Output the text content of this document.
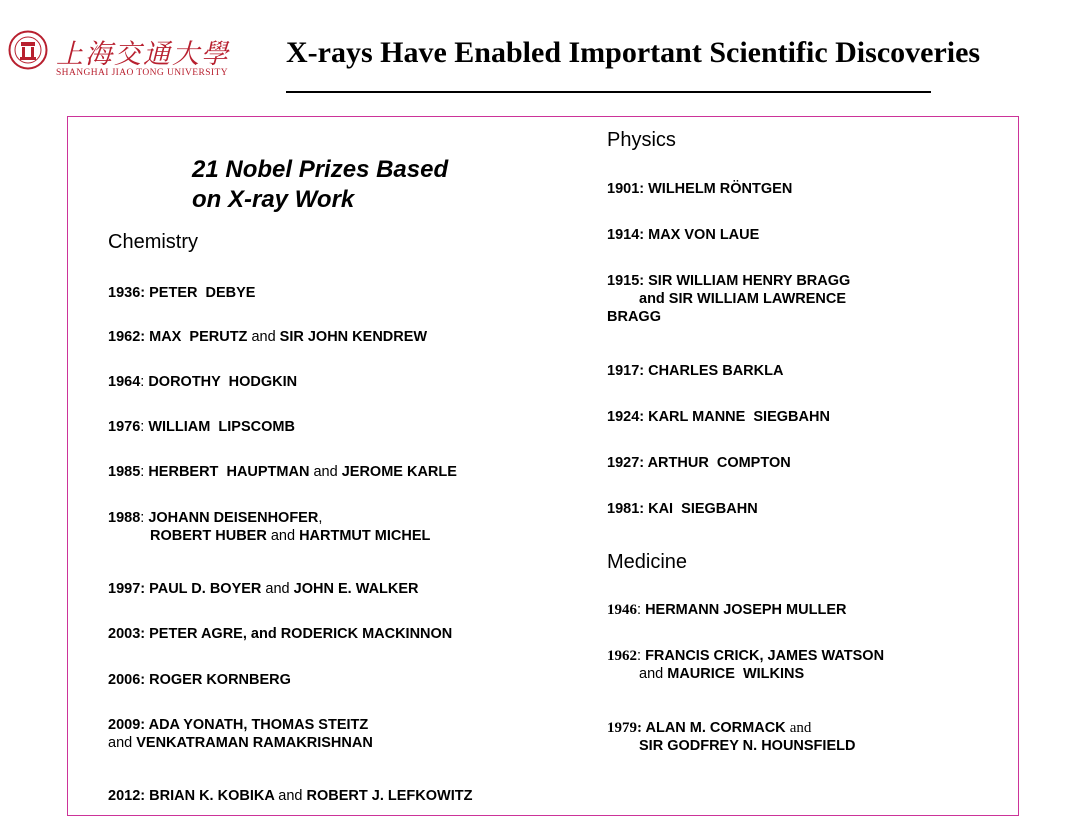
上海交通大學
SHANGHAI JIAO TONG UNIVERSITY
X-rays Have Enabled Important Scientific Discoveries
21 Nobel Prizes Based
on X-ray Work
Chemistry
1936: PETER  DEBYE
1962: MAX  PERUTZ and SIR JOHN KENDREW
1964: DOROTHY  HODGKIN
1976: WILLIAM  LIPSCOMB
1985: HERBERT  HAUPTMAN and JEROME KARLE
1988: JOHANN DEISENHOFER,
ROBERT HUBER and HARTMUT MICHEL
1997: PAUL D. BOYER and JOHN E. WALKER
2003: PETER AGRE, and RODERICK MACKINNON
2006: ROGER KORNBERG
2009: ADA YONATH, THOMAS STEITZ
and VENKATRAMAN RAMAKRISHNAN
2012: BRIAN K. KOBIKA and ROBERT J. LEFKOWITZ
Physics
1901: WILHELM RÖNTGEN
1914: MAX VON LAUE
1915: SIR WILLIAM HENRY BRAGG
and SIR WILLIAM LAWRENCE
BRAGG
1917: CHARLES BARKLA
1924: KARL MANNE  SIEGBAHN
1927: ARTHUR  COMPTON
1981: KAI  SIEGBAHN
Medicine
1946: HERMANN JOSEPH MULLER
1962: FRANCIS CRICK, JAMES WATSON
and MAURICE  WILKINS
1979: ALAN M. CORMACK and
SIR GODFREY N. HOUNSFIELD
